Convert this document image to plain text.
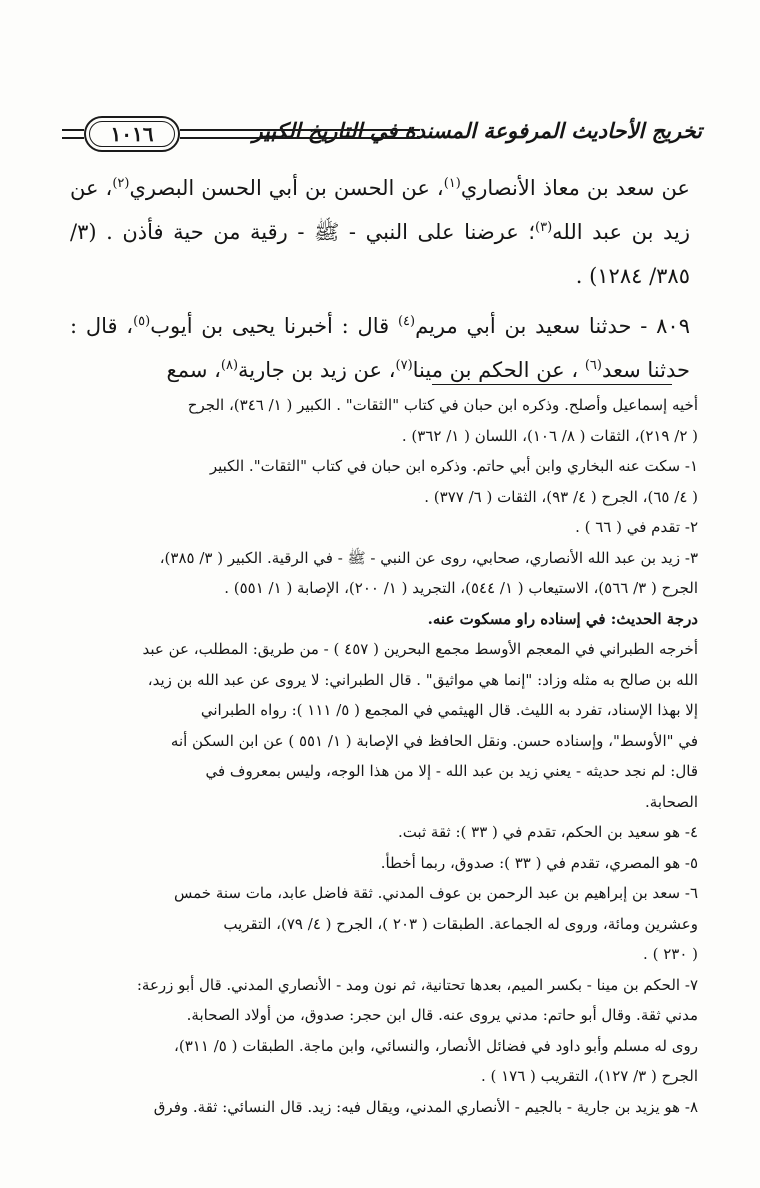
تخريج الأحاديث المرفوعة المسندة في التاريخ الكبير
١٠١٦

عن سعد بن معاذ الأنصاري$^{(١)}$، عن الحسن بن أبي الحسن البصري$^{(٢)}$، عن زيد بن عبد الله$^{(٣)}$؛ عرضنا على النبي - ﷺ - رقية من حية فأذن . (٣/ ٣٨٥/ ١٢٨٤) .

٨٠٩ - حدثنا سعيد بن أبي مريم$^{(٤)}$ قال : أخبرنا يحيى بن أيوب$^{(٥)}$، قال : حدثنا سعد$^{(٦)}$ ، عن الحكم بن مينا$^{(٧)}$، عن زيد بن جارية$^{(٨)}$، سمع

أخيه إسماعيل وأصلح. وذكره ابن حبان في كتاب "الثقات" . الكبير ( ١/ ٣٤٦)، الجرح

( ٢/ ٢١٩)، الثقات ( ٨/ ١٠٦)، اللسان ( ١/ ٣٦٢) .

١- سكت عنه البخاري وابن أبي حاتم. وذكره ابن حبان في كتاب "الثقات". الكبير

( ٤/ ٦٥)، الجرح ( ٤/ ٩٣)، الثقات ( ٦/ ٣٧٧) .

٢- تقدم في ( ٦٦ ) .

٣- زيد بن عبد الله الأنصاري، صحابي، روى عن النبي - ﷺ - في الرقية. الكبير ( ٣/ ٣٨٥)،

الجرح ( ٣/ ٥٦٦)، الاستيعاب ( ١/ ٥٤٤)، التجريد ( ١/ ٢٠٠)، الإصابة ( ١/ ٥٥١) .

درجة الحديث: في إسناده راو مسكوت عنه.

أخرجه الطبراني في المعجم الأوسط مجمع البحرين ( ٤٥٧ ) - من طريق: المطلب، عن عبد

الله بن صالح به مثله وزاد: "إنما هي مواثيق" . قال الطبراني: لا يروى عن عبد الله بن زيد،

إلا بهذا الإسناد، تفرد به الليث. قال الهيثمي في المجمع ( ٥/ ١١١ ): رواه الطبراني

في "الأوسط"، وإسناده حسن. ونقل الحافظ في الإصابة ( ١/ ٥٥١ ) عن ابن السكن أنه

قال: لم نجد حديثه - يعني زيد بن عبد الله - إلا من هذا الوجه، وليس بمعروف في

الصحابة.

٤- هو سعيد بن الحكم، تقدم في ( ٣٣ ): ثقة ثبت.

٥- هو المصري، تقدم في ( ٣٣ ): صدوق، ربما أخطأ.

٦- سعد بن إبراهيم بن عبد الرحمن بن عوف المدني. ثقة فاضل عابد، مات سنة خمس

وعشرين ومائة، وروى له الجماعة. الطبقات ( ٢٠٣ )، الجرح ( ٤/ ٧٩)، التقريب

( ٢٣٠ ) .

٧- الحكم بن مينا - بكسر الميم، بعدها تحتانية، ثم نون ومد - الأنصاري المدني. قال أبو زرعة:

مدني ثقة. وقال أبو حاتم: مدني يروى عنه. قال ابن حجر: صدوق، من أولاد الصحابة.

روى له مسلم وأبو داود في فضائل الأنصار، والنسائي، وابن ماجة. الطبقات ( ٥/ ٣١١)،

الجرح ( ٣/ ١٢٧)، التقريب ( ١٧٦ ) .

٨- هو يزيد بن جارية - بالجيم - الأنصاري المدني، ويقال فيه: زيد. قال النسائي: ثقة. وفرق
